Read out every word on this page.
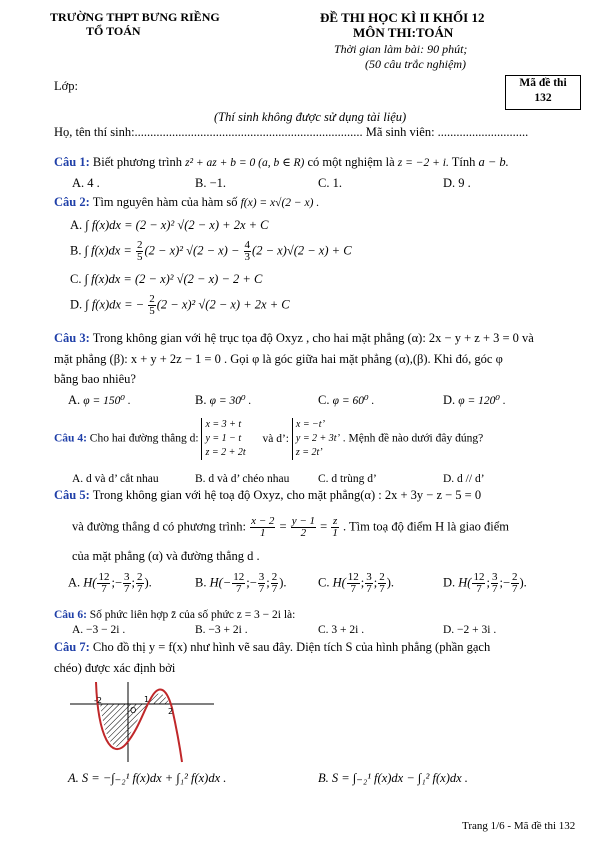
TRƯỜNG THPT BƯNG RIỀNG
TỔ TOÁN
ĐỀ THI HỌC KÌ II KHỐI 12
MÔN THI:TOÁN
Thời gian làm bài: 90 phút;
(50 câu trắc nghiệm)
Lớp:	Mã đề thi
132
(Thí sinh không được sử dụng tài liệu)
Họ, tên thí sinh:......................................................................... Mã sinh viên: .............................
Câu 1: Biết phương trình z² + az + b = 0 (a, b ∈ R) có một nghiệm là z = −2 + i. Tính a − b.
A. 4 .	B. −1.	C. 1.	D. 9 .
Câu 2: Tìm nguyên hàm của hàm số f(x) = x√(2 − x) .
A. ∫ f(x)dx = (2 − x)² √(2 − x) + 2x + C
B. ∫ $f(x)dx = \frac{2}{5} (2 - x)^2$ $√(2 - x) - \frac{4}{3} (2 - x)√(2 - x) + C$
C. ∫ f(x)dx = (2 − x)² √(2 − x) − 2 + C
D. ∫ f(x)dx = − $\frac{2}{5} (2 - x)^2$ √(2 − x) + 2x + C
Câu 3: Trong không gian với hệ trục tọa độ Oxyz , cho hai mặt phẳng (α): 2x − y + z + 3 = 0 và
mặt phẳng (β): x + y + 2z − 1 = 0 . Gọi φ là góc giữa hai mặt phẳng (α),(β). Khi đó, góc φ
bằng bao nhiêu?
A. φ = 150⁰ .	B. φ = 30⁰ .	C. φ = 60⁰ .	D. φ = 120⁰ .
Câu 4: Cho hai đường thẳng d:
x = 3 + t
y = 1 − t
z = 2 + 2t
và d’:
x = −t’
y = 2 + 3t’
z = 2t’
. Mệnh đề nào dưới đây đúng?
A. d và d’ cắt nhau	B. d và d’ chéo nhau C. d trùng d’	D. d // d’
Câu 5: Trong không gian với hệ toạ độ Oxyz, cho mặt phẳng(α) : 2x + 3y − z − 5 = 0
và đường thẳng d có phương trình: $\frac{x - 2}{1} = \frac{y - 1}{2} = \frac{z}{1}$ . Tìm toạ độ điểm H là giao điểm
của mặt phẳng (α) và đường thẳng d .
A. $H( \frac{12}{7}$ ;− $\frac{3}{7}$ ; $\frac{2}{7}$ ).	B. $H(- \frac{12}{7}$ ;− $\frac{3}{7}$ ; $\frac{2}{7}$ ).	C. $H( \frac{12}{7}$ ; $\frac{3}{7}$ ; $\frac{2}{7}$ ).	D. $H( \frac{12}{7}$ ; $\frac{3}{7}$ ;− $\frac{2}{7}$ ).
Câu 6: Số phức liên hợp z̄ của số phức z = 3 − 2i là:
A. −3 − 2i .	B. −3 + 2i .	C. 3 + 2i .	D. −2 + 3i .
Câu 7: Cho đồ thị y = f(x) như hình vẽ sau đây. Diện tích S của hình phẳng (phần gạch
chéo) được xác định bởi
-2	1
2
O
A. S = −∫₋₂¹ f(x)dx + ∫₁² f(x)dx .	B. S = ∫₋₂¹ f(x)dx − ∫₁² f(x)dx .
Trang 1/6 - Mã đề thi 132
